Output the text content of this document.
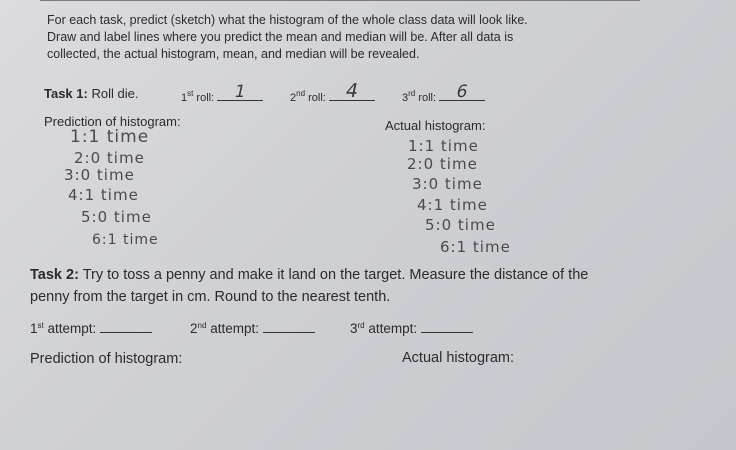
For each task, predict (sketch) what the histogram of the whole class data will look like.
Draw and label lines where you predict the mean and median will be. After all data is
collected, the actual histogram, mean, and median will be revealed.
Task 1: Roll die.	1st roll:	1	2nd roll: 4	3rd roll:	6
Prediction of histogram:	Actual histogram:
1:1 time
2:0 time
3:0 time
4:1 time
5:0 time
6:1 time
1:1 time
2:0 time
3:0 time
4:1 time
5:0 time
6:1 time
Task 2: Try to toss a penny and make it land on the target. Measure the distance of the
penny from the target in cm. Round to the nearest tenth.
1st attempt:	2nd attempt:	3rd attempt:
Prediction of histogram:	Actual histogram:
